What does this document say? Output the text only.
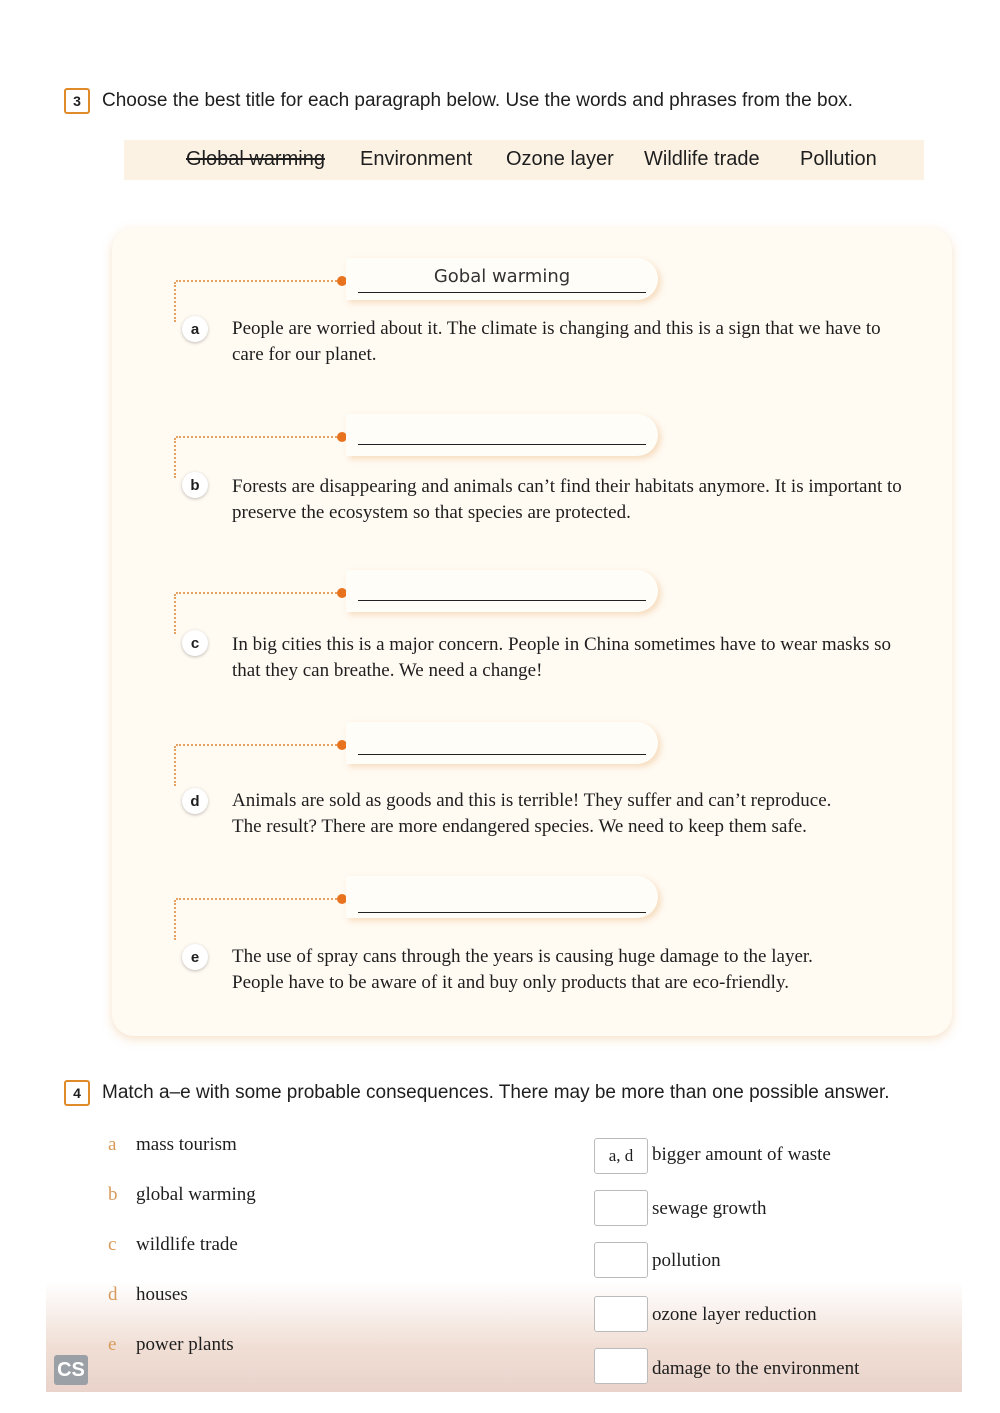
3	Choose the best title for each paragraph below. Use the words and phrases from the box.
Global warming Environment Ozone layer Wildlife trade Pollution
Gobal warming
a	People are worried about it. The climate is changing and this is a sign that we have to
care for our planet.
b	Forests are disappearing and animals can’t find their habitats anymore. It is important to
preserve the ecosystem so that species are protected.
c	In big cities this is a major concern. People in China sometimes have to wear masks so
that they can breathe. We need a change!
d	Animals are sold as goods and this is terrible! They suffer and can’t reproduce.
The result? There are more endangered species. We need to keep them safe.
e	The use of spray cans through the years is causing huge damage to the layer.
People have to be aware of it and buy only products that are eco-friendly.
4	Match a–e with some probable consequences. There may be more than one possible answer.
a mass tourism
b global warming
c wildlife trade
d houses
e power plants
a, d bigger amount of waste
sewage growth
pollution
ozone layer reduction
damage to the environment
CS
